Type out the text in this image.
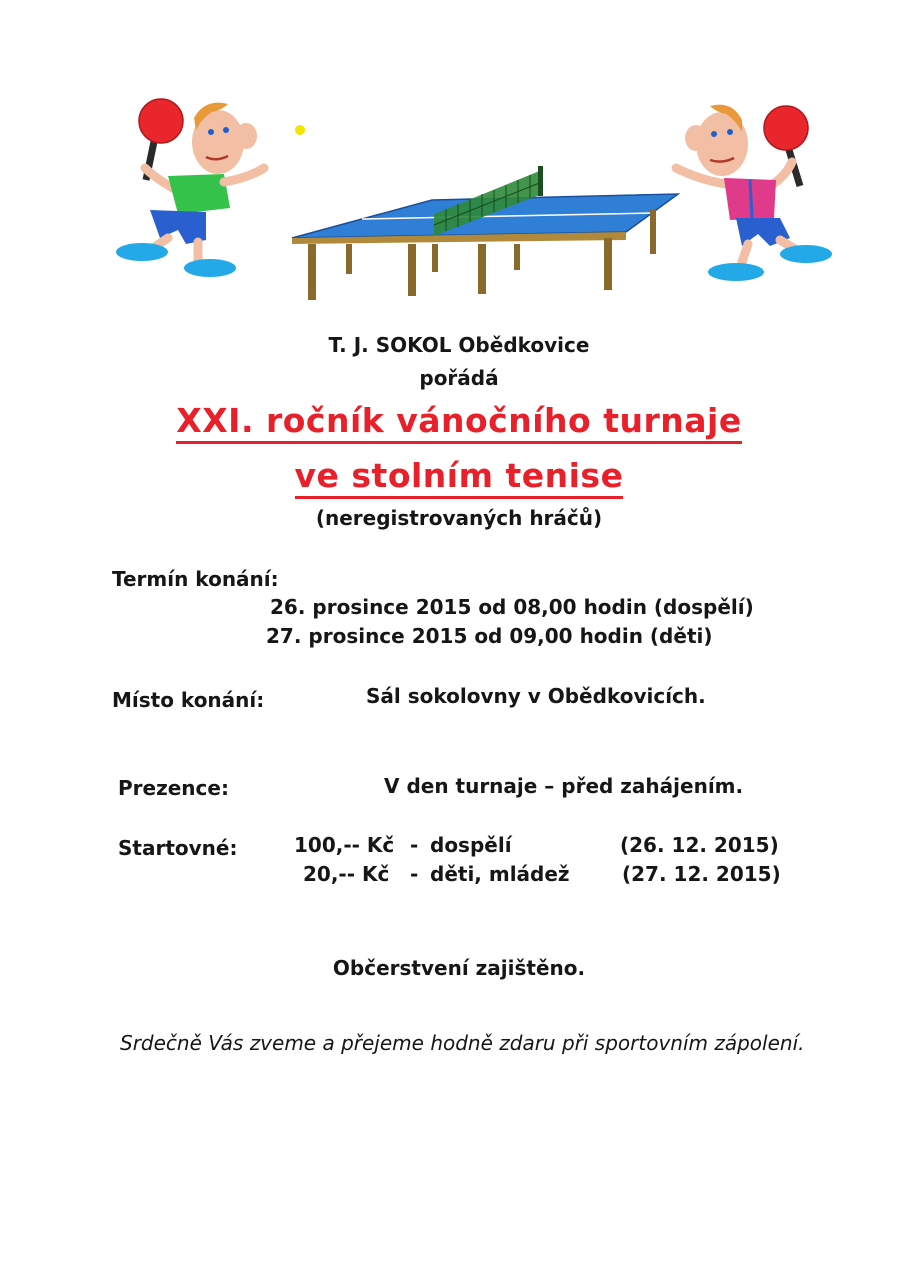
T. J. SOKOL Obědkovice
pořádá
XXI. ročník vánočního turnaje
ve stolním tenise
(neregistrovaných hráčů)
Termín konání:
26. prosince 2015 od 08,00 hodin (dospělí)
27. prosince 2015 od 09,00 hodin (děti)
Místo konání:	Sál sokolovny v Obědkovicích.
Prezence:	V den turnaje – před zahájením.
Startovné:	100,-- Kč - dospělí	(26. 12. 2015)
20,-- Kč - děti, mládež	(27. 12. 2015)
Občerstvení zajištěno.
Srdečně Vás zveme a přejeme hodně zdaru při sportovním zápolení.
